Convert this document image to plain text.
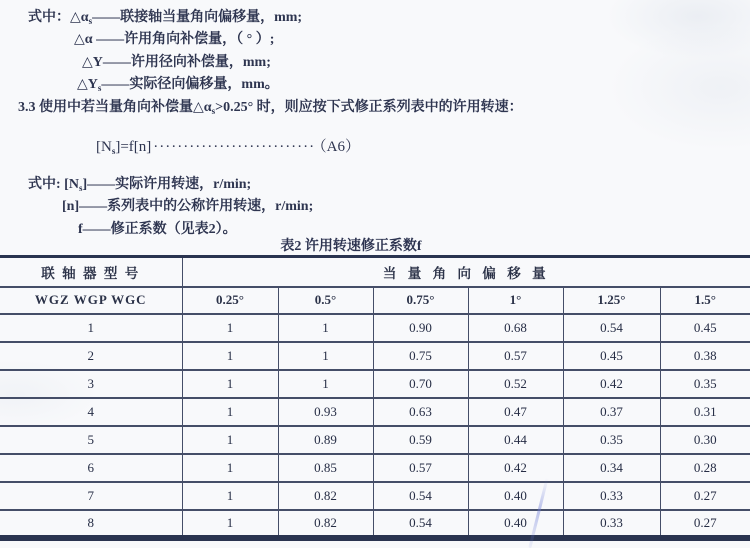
式中：$\triangle\alpha_s——$联接轴当量角向偏移量，mm;

△α ——许用角向补偿量，（ ° ）;

△Y——许用径向补偿量，mm;

$\triangle Y_s——$实际径向偏移量，mm。

3.3 使用中若当量角向补偿量$\triangle\alpha_s>0.25^\circ$ 时，则应按下式修正系列表中的许用转速：

$[N_s]=f[n]$ ··························· （A6）

式中: $[N_s]——$实际许用转速，r/min;

[n]——系列表中的公称许用转速，r/min;

f——修正系数（见表2）。

表2 许用转速修正系数f
联 轴 器 型 号	当 量 角 向 偏 移 量					
WGZ WGP WGC	0.25°	0.5°	0.75°	1°	1.25°	1.5°
1	1	1	0.90	0.68	0.54	0.45
2	1	1	0.75	0.57	0.45	0.38
3	1	1	0.70	0.52	0.42	0.35
4	1	0.93	0.63	0.47	0.37	0.31
5	1	0.89	0.59	0.44	0.35	0.30
6	1	0.85	0.57	0.42	0.34	0.28
7	1	0.82	0.54	0.40	0.33	0.27
8	1	0.82	0.54	0.40	0.33	0.27
